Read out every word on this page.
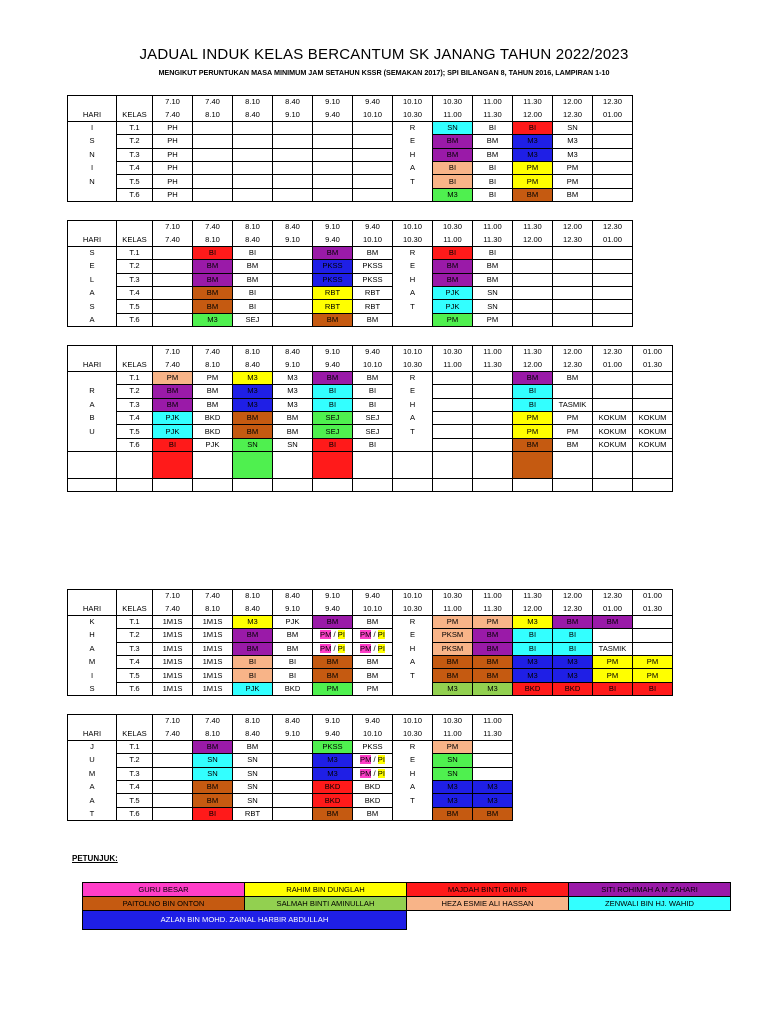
JADUAL INDUK KELAS BERCANTUM SK JANANG TAHUN 2022/2023
MENGIKUT PERUNTUKAN MASA MINIMUM JAM SETAHUN KSSR (SEMAKAN 2017); SPI BILANGAN 8, TAHUN 2016, LAMPIRAN 1-10
		7.10	7.40	8.10	8.40	9.10	9.40	10.10	10.30	11.00	11.30	12.00	12.30
HARI	KELAS	7.40	8.10	8.40	9.10	9.40	10.10	10.30	11.00	11.30	12.00	12.30	01.00
I	T.1	PH						R	SN	BI	BI	SN	
S	T.2	PH						E	BM	BM	M3	M3	
N	T.3	PH						H	BM	BM	M3	M3	
I	T.4	PH						A	BI	BI	PM	PM	
N	T.5	PH						T	BI	BI	PM	PM	
	T.6	PH							M3	BI	BM	BM	
		7.10	7.40	8.10	8.40	9.10	9.40	10.10	10.30	11.00	11.30	12.00	12.30
HARI	KELAS	7.40	8.10	8.40	9.10	9.40	10.10	10.30	11.00	11.30	12.00	12.30	01.00
S	T.1		BI	BI		BM	BM	R	BI	BI			
E	T.2		BM	BM		PKSS	PKSS	E	BM	BM			
L	T.3		BM	BM		PKSS	PKSS	H	BM	BM			
A	T.4		BM	BI		RBT	RBT	A	PJK	SN			
S	T.5		BM	BI		RBT	RBT	T	PJK	SN			
A	T.6		M3	SEJ		BM	BM		PM	PM			
		7.10	7.40	8.10	8.40	9.10	9.40	10.10	10.30	11.00	11.30	12.00	12.30	01.00
HARI	KELAS	7.40	8.10	8.40	9.10	9.40	10.10	10.30	11.00	11.30	12.00	12.30	01.00	01.30
	T.1	PM	PM	M3	M3	BM	BM	R			BM	BM		
R	T.2	BM	BM	M3	M3	BI	BI	E			BI			
A	T.3	BM	BM	M3	M3	BI	BI	H			BI	TASMIK		
B	T.4	PJK	BKD	BM	BM	SEJ	SEJ	A			PM	PM	KOKUM	KOKUM
U	T.5	PJK	BKD	BM	BM	SEJ	SEJ	T			PM	PM	KOKUM	KOKUM
	T.6	BI	PJK	SN	SN	BI	BI				BM	BM	KOKUM	KOKUM

		7.10	7.40	8.10	8.40	9.10	9.40	10.10	10.30	11.00	11.30	12.00	12.30	01.00
HARI	KELAS	7.40	8.10	8.40	9.10	9.40	10.10	10.30	11.00	11.30	12.00	12.30	01.00	01.30
K	T.1	1M1S	1M1S	M3	PJK	BM	BM	R	PM	PM	M3	BM	BM	
H	T.2	1M1S	1M1S	BM	BM	PM / PI	PM / PI	E	PKSM	BM	BI	BI		
A	T.3	1M1S	1M1S	BM	BM	PM / PI	PM / PI	H	PKSM	BM	BI	BI	TASMIK	
M	T.4	1M1S	1M1S	BI	BI	BM	BM	A	BM	BM	M3	M3	PM	PM
I	T.5	1M1S	1M1S	BI	BI	BM	BM	T	BM	BM	M3	M3	PM	PM
S	T.6	1M1S	1M1S	PJK	BKD	PM	PM		M3	M3	BKD	BKD	BI	BI
		7.10	7.40	8.10	8.40	9.10	9.40	10.10	10.30	11.00
HARI	KELAS	7.40	8.10	8.40	9.10	9.40	10.10	10.30	11.00	11.30
J	T.1		BM	BM		PKSS	PKSS	R	PM	
U	T.2		SN	SN		M3	PM / PI	E	SN	
M	T.3		SN	SN		M3	PM / PI	H	SN	
A	T.4		BM	SN		BKD	BKD	A	M3	M3
A	T.5		BM	SN		BKD	BKD	T	M3	M3
T	T.6		BI	RBT		BM	BM		BM	BM
PETUNJUK:
GURU BESAR	RAHIM BIN DUNGLAH	MAJDAH BINTI GINUR	SITI ROHIMAH A M ZAHARI
PAITOLNO BIN ONTON	SALMAH BINTI AMINULLAH	HEZA ESMIE ALI HASSAN	ZENWALI BIN HJ. WAHID
AZLAN BIN MOHD. ZAINAL HARBIR ABDULLAH			
